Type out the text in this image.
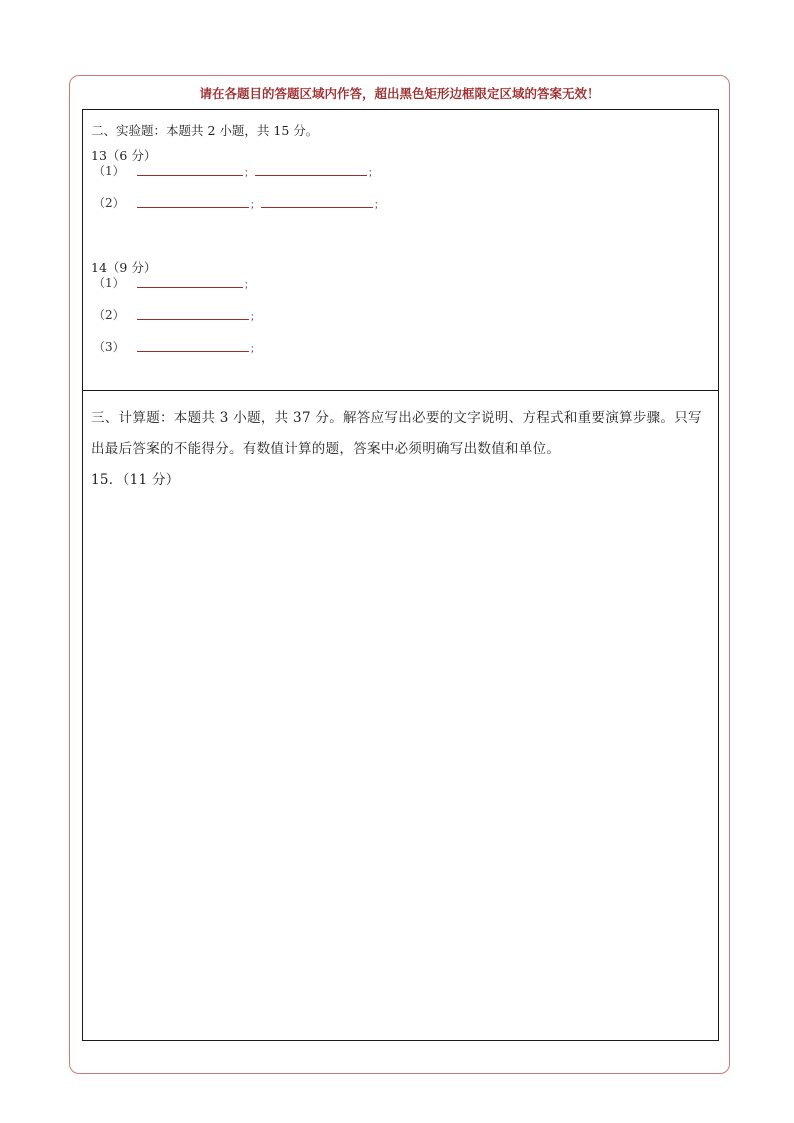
请在各题目的答题区域内作答，超出黑色矩形边框限定区域的答案无效！
二、实验题：本题共 2 小题，共 15 分。
13（6 分）
（1）	；	；
（2）	；	；
14（9 分）
（1）	；
（2）	；
（3）	；
三、计算题：本题共 3 小题，共 37 分。解答应写出必要的文字说明、方程式和重要演算步骤。只写
出最后答案的不能得分。有数值计算的题，答案中必须明确写出数值和单位。
15．（11 分）
